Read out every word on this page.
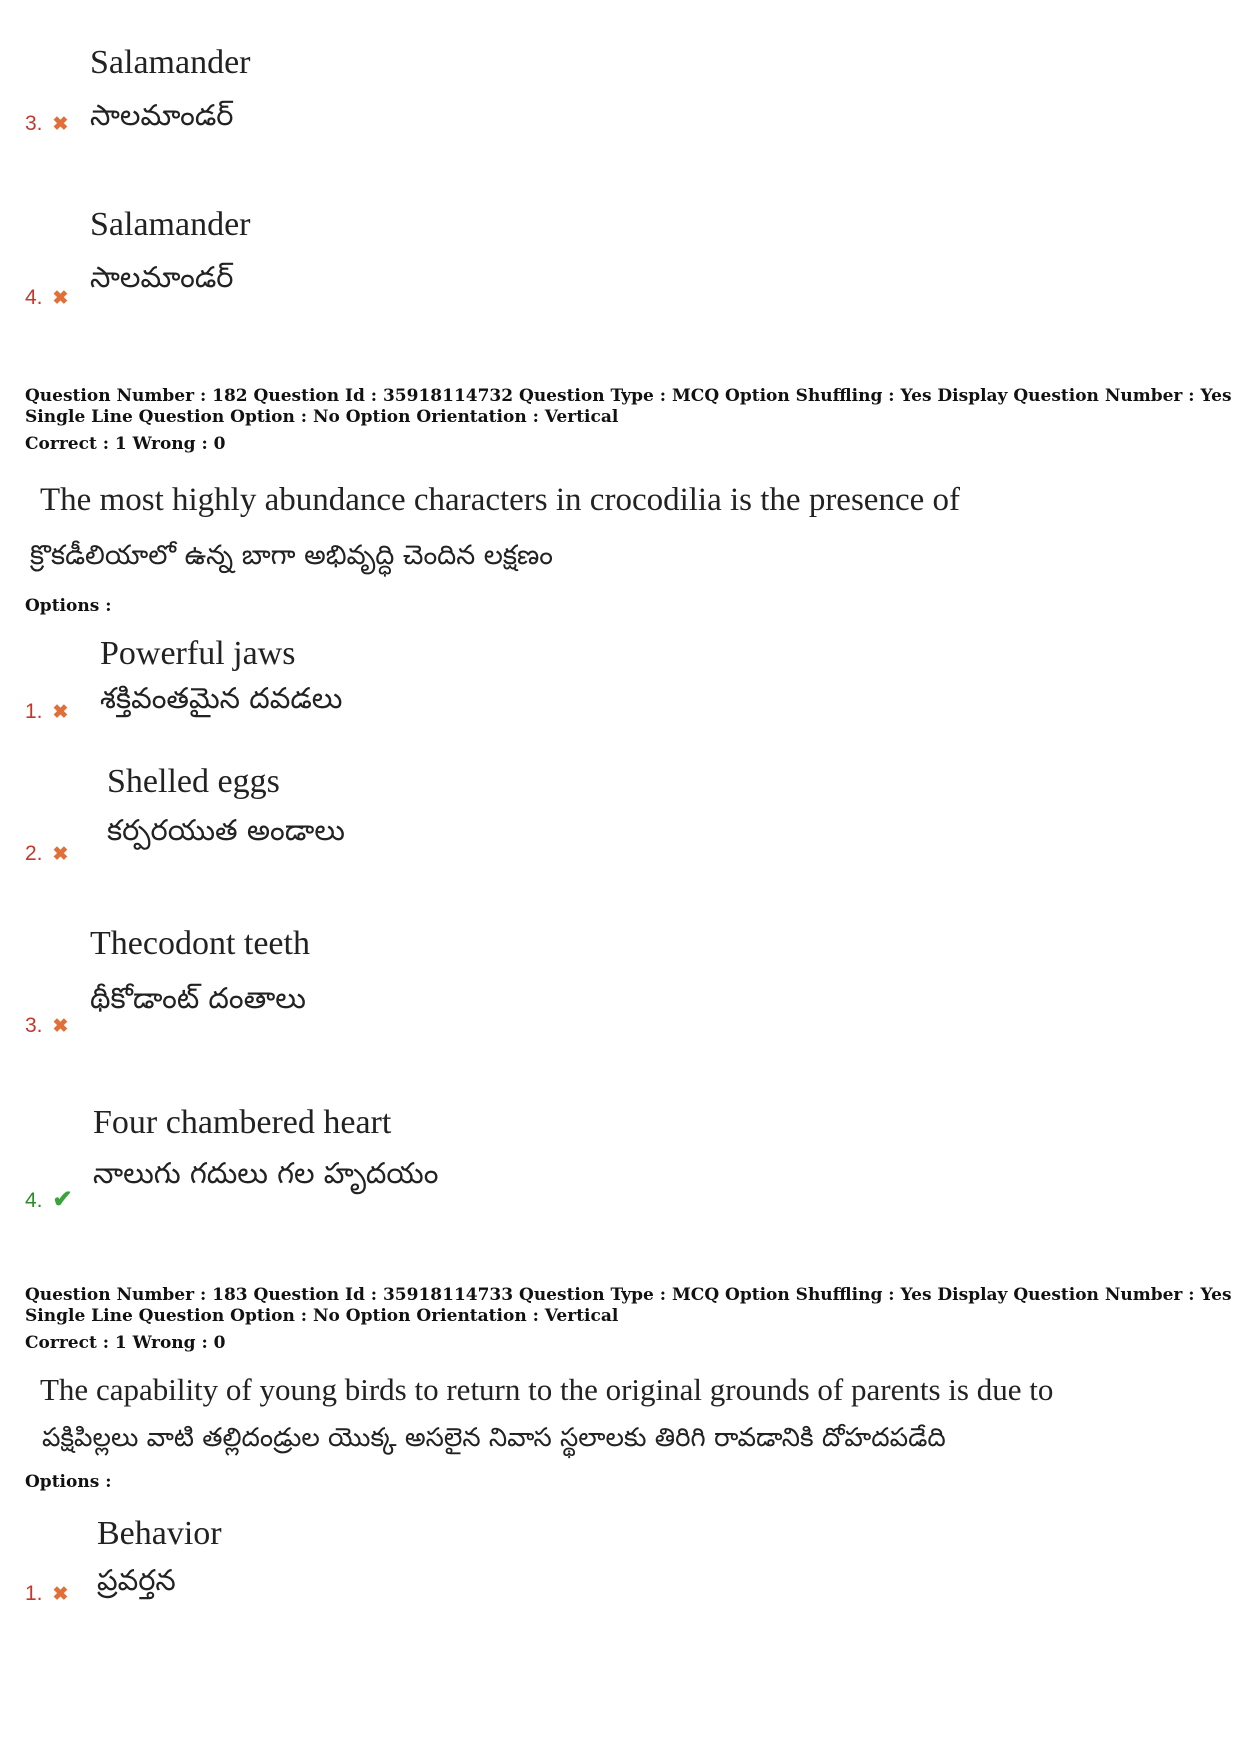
Salamander
సాలమాండర్
3. ✖
Salamander
సాలమాండర్
4. ✖
Question Number : 182 Question Id : 35918114732 Question Type : MCQ Option Shuffling : Yes Display Question Number : Yes
Single Line Question Option : No Option Orientation : Vertical
Correct : 1 Wrong : 0
The most highly abundance characters in crocodilia is the presence of
క్రొకడీలియాలో ఉన్న బాగా అభివృద్ధి చెందిన లక్షణం
Options :
Powerful jaws
శక్తివంతమైన దవడలు
1. ✖
Shelled eggs
కర్పరయుత అండాలు
2. ✖
Thecodont teeth
థీకోడాంట్ దంతాలు
3. ✖
Four chambered heart
నాలుగు గదులు గల హృదయం
4. ✔
Question Number : 183 Question Id : 35918114733 Question Type : MCQ Option Shuffling : Yes Display Question Number : Yes
Single Line Question Option : No Option Orientation : Vertical
Correct : 1 Wrong : 0
The capability of young birds to return to the original grounds of parents is due to
పక్షిపిల్లలు వాటి తల్లిదండ్రుల యొక్క అసలైన నివాస స్థలాలకు తిరిగి రావడానికి దోహదపడేది
Options :
Behavior
ప్రవర్తన
1. ✖
